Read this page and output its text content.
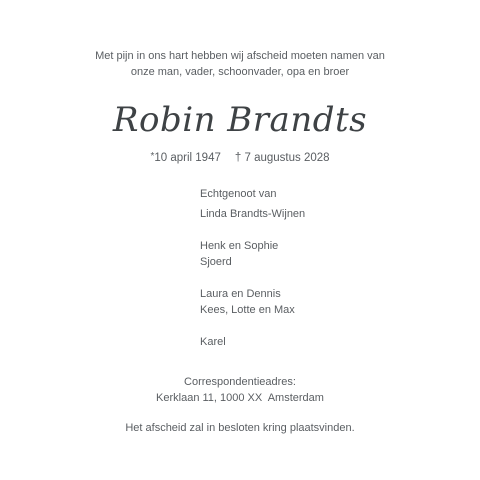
Met pijn in ons hart hebben wij afscheid moeten namen van
onze man, vader, schoonvader, opa en broer
Robin Brandts
*10 april 1947 † 7 augustus 2028
Echtgenoot van
Linda Brandts-Wijnen
Henk en Sophie
Sjoerd
Laura en Dennis
Kees, Lotte en Max
Karel
Correspondentieadres:
Kerklaan 11, 1000 XX  Amsterdam
Het afscheid zal in besloten kring plaatsvinden.
